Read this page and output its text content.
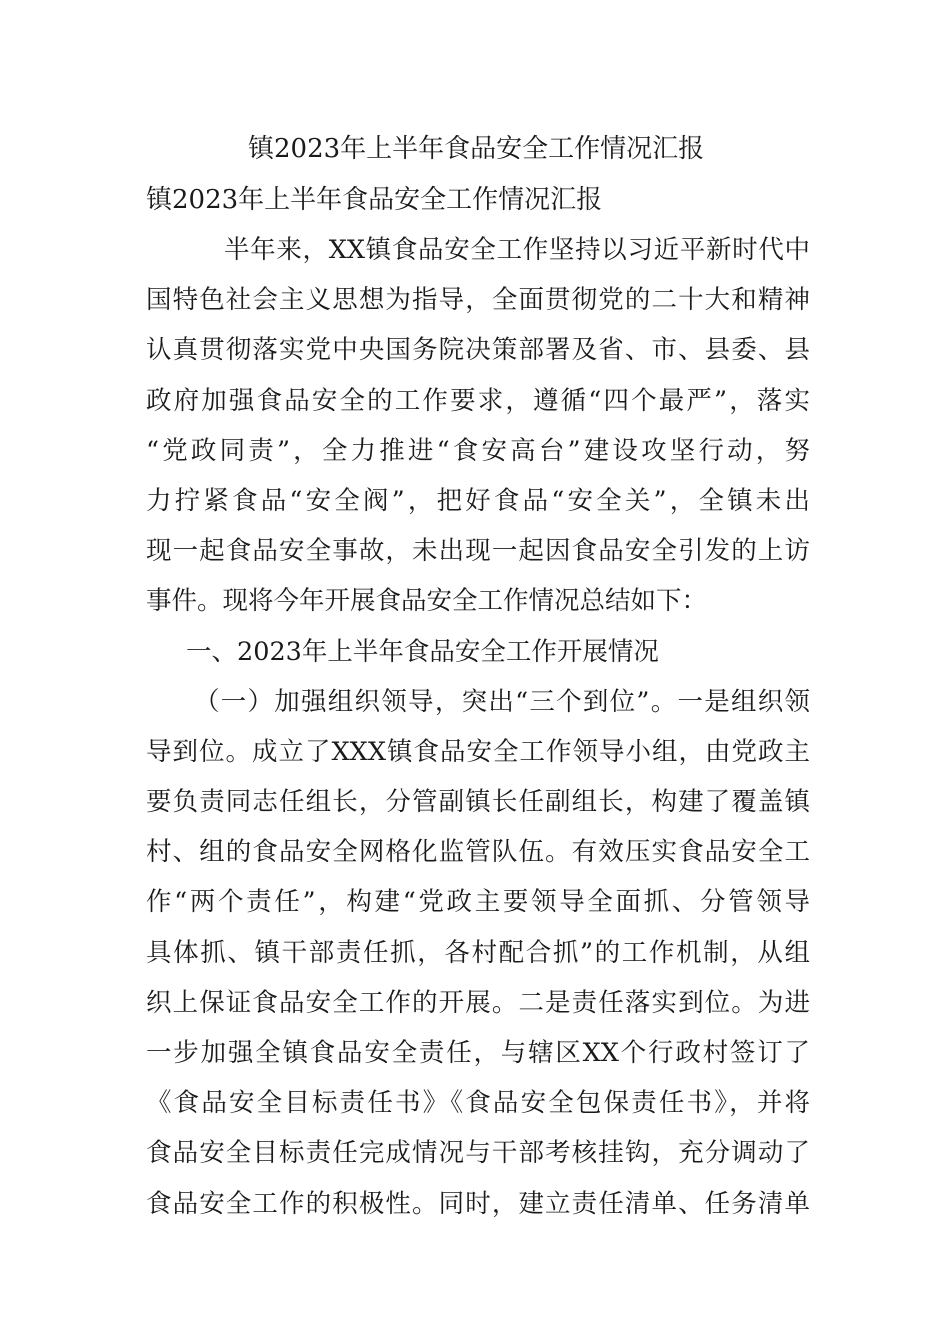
镇2023年上半年食品安全工作情况汇报
镇2023年上半年食品安全工作情况汇报
半年来，XX镇食品安全工作坚持以习近平新时代中
国特色社会主义思想为指导，全面贯彻党的二十大和精神
认真贯彻落实党中央国务院决策部署及省、市、县委、县
政府加强食品安全的工作要求，遵循“四个最严”，落实
“党政同责”，全力推进“食安高台”建设攻坚行动，努
力拧紧食品“安全阀”，把好食品“安全关”，全镇未出
现一起食品安全事故，未出现一起因食品安全引发的上访
事件。现将今年开展食品安全工作情况总结如下：
一、2023年上半年食品安全工作开展情况
（一）加强组织领导，突出“三个到位”。一是组织领
导到位。成立了XXX镇食品安全工作领导小组，由党政主
要负责同志任组长，分管副镇长任副组长，构建了覆盖镇
村、组的食品安全网格化监管队伍。有效压实食品安全工
作“两个责任”，构建“党政主要领导全面抓、分管领导
具体抓、镇干部责任抓，各村配合抓”的工作机制，从组
织上保证食品安全工作的开展。二是责任落实到位。为进
一步加强全镇食品安全责任，与辖区XX个行政村签订了
《食品安全目标责任书》《食品安全包保责任书》，并将
食品安全目标责任完成情况与干部考核挂钩，充分调动了
食品安全工作的积极性。同时，建立责任清单、任务清单
